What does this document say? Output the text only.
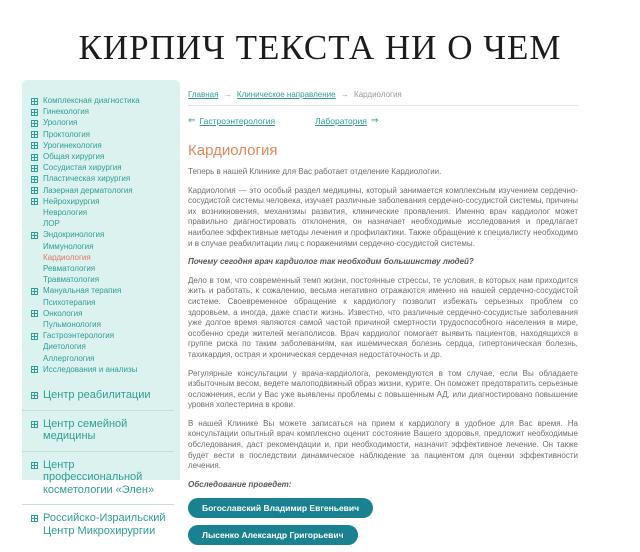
КИРПИЧ ТЕКСТА НИ О ЧЕМ
Комплексная диагностика
Гинекология
Урология
Проктология
Урогинекология
Общая хирургия
Сосудистая хирургия
Пластическая хирургия
Лазерная дерматология
Нейрохирургия
Неврология
ЛОР
Эндокринология
Иммунология
Кардиология
Ревматология
Травматология
Мануальная терапия
Психотерапия
Онкология
Пульмонология
Гастроэнтерология
Диетология
Аллергология
Исследования и анализы
Центр реабилитации
Центр семейной медицины
Центр профессиональной косметологии «Элен»
Российско-Израильский Центр Микрохирургии
Главная → Клиническое направление → Кардиология
⇐ Гастроэнтерология	Лаборатория ⇒
Кардиология

Теперь в нашей Клинике для Вас работает отделение Кардиологии.

Кардиология — это особый раздел медицины, который занимается комплексным изучением сердечно-сосудистой системы человека, изучает различные заболевания сердечно-сосудистой системы, причины их возникновения, механизмы развития, клинические проявления. Именно врач кардиолог может правильно диагностировать отклонения, он назначает необходимые исследования и предлагает наиболее эффективные методы лечения и профилактики. Также обращение к специалисту необходимо и в случае реабилитации лиц с поражениями сердечно-сосудистой системы.

Почему сегодня врач кардиолог так необходим большинству людей?

Дело в том, что современный темп жизни, постоянные стрессы, те условия, в которых нам приходится жить и работать, к сожалению, весьма негативно отражаются именно на нашей сердечно-сосудистой системе. Своевременное обращение к кардиологу позволит избежать серьезных проблем со здоровьем, а иногда, даже спасти жизнь. Известно, что различные сердечно-сосудистые заболевания уже долгое время являются самой частой причиной смертности трудоспособного населения в мире, особенно среди жителей мегаполисов. Врач кардиолог помогает выявить пациентов, находящихся в группе риска по таким заболеваниям, как ишемическая болезнь сердца, гипертоническая болезнь, тахикардия, острая и хроническая сердечная недостаточность и др.

Регулярные консультации у врача-кардиолога, рекомендуются в том случае, если Вы обладаете избыточным весом, ведете малоподвижный образ жизни, курите. Он поможет предотвратить серьезные осложнения, если у Вас уже выявлены проблемы с повышенным АД, или диагностировано повышение уровня холестерина в крови.

В нашей Клинике Вы можете записаться на прием к кардиологу в удобное для Вас время. На консультации опытный врач комплексно оценит состояние Вашего здоровья, предложит необходимые обследования, даст рекомендации и, при необходимости, назначит эффективное лечение. Он также будет вести в последствии динамическое наблюдение за пациентом для оценки эффективности лечения.

Обследование проведет:

Богославский Владимир Евгеньевич
Лысенко Александр Григорьевич
